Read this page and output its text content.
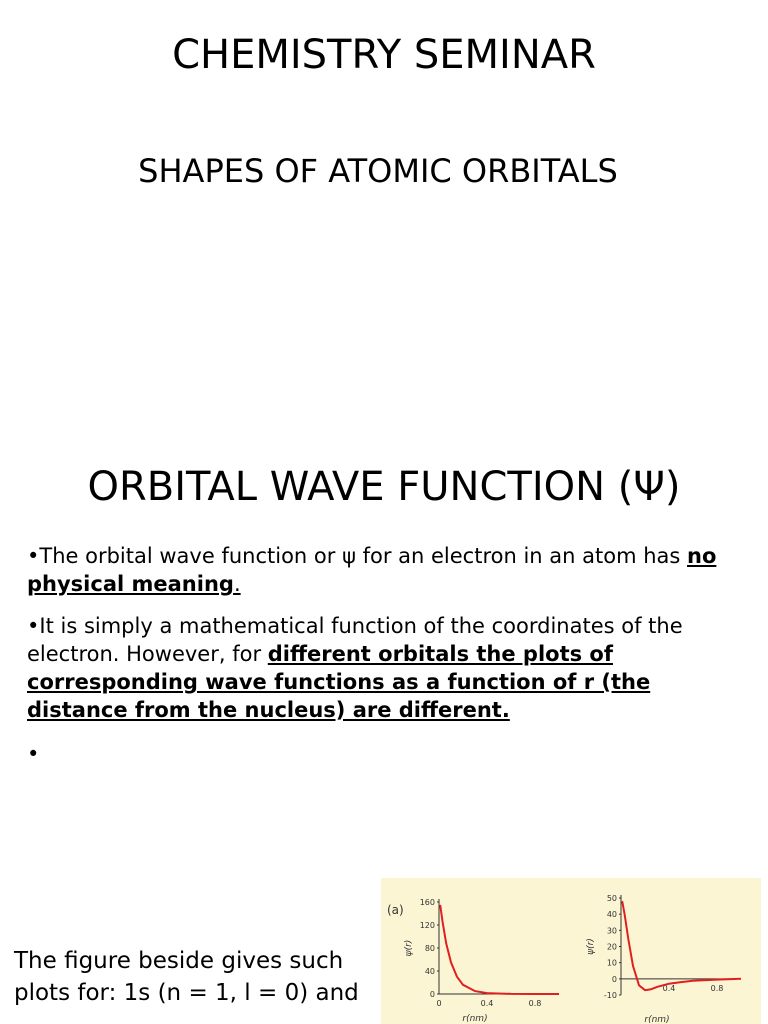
CHEMISTRY SEMINAR
SHAPES OF ATOMIC ORBITALS
ORBITAL WAVE FUNCTION (Ψ)
•The orbital wave function or ψ for an electron in an atom has no physical meaning.
•It is simply a mathematical function of the coordinates of the electron. However, for different orbitals the plots of corresponding wave functions as a function of r (the distance from the nucleus) are different.
•
The figure beside gives such plots for: 1s (n = 1, l = 0) and	0
40
80
120
160
0	0.4	0.8
r(nm)
ψ(r)
(a)
-10
0
10
20
30
40
50
0.4	0.8
r(nm)
ψ(r)
